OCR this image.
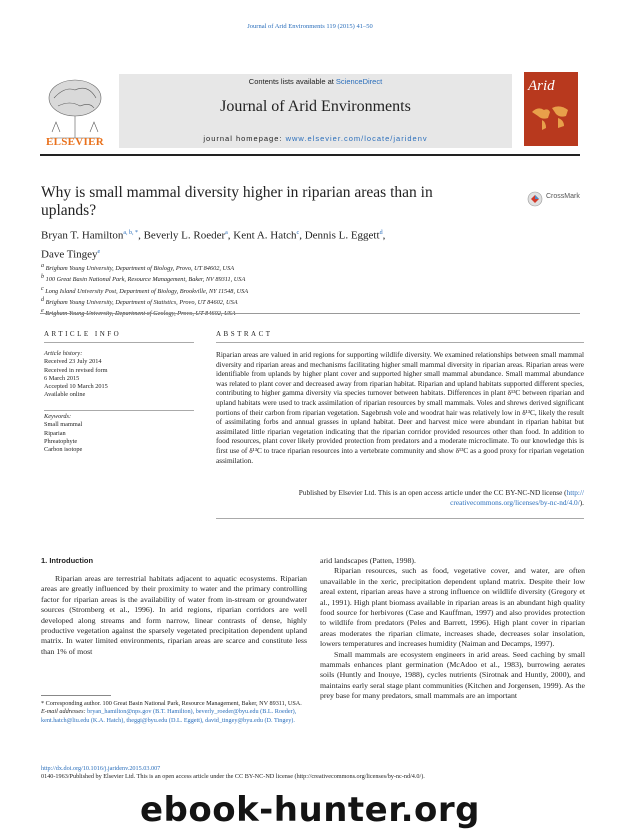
Journal of Arid Environments 119 (2015) 41–50
ELSEVIER
Contents lists available at ScienceDirect
Journal of Arid Environments
journal homepage: www.elsevier.com/locate/jaridenv
Arid
Why is small mammal diversity higher in riparian areas than in uplands?
CrossMark
Bryan T. Hamilton$^{a, b, *}$, Beverly L. Roeder$^a$, Kent A. Hatch$^c$, Dennis L. Eggett$^d$,
Dave Tingey$^e$
$^a$ Brigham Young University, Department of Biology, Provo, UT 84602, USA
$^b$ 100 Great Basin National Park, Resource Management, Baker, NV 89311, USA
$^c$ Long Island University Post, Department of Biology, Brookville, NY 11548, USA
$^d$ Brigham Young University, Department of Statistics, Provo, UT 84602, USA
$^e$ Brigham Young University, Department of Geology, Provo, UT 84602, USA
ARTICLE INFO	ABSTRACT
Article history:
Received 23 July 2014
Received in revised form
6 March 2015
Accepted 10 March 2015
Available online
Keywords:
Small mammal
Riparian
Phreatophyte
Carbon isotope
Riparian areas are valued in arid regions for supporting wildlife diversity. We examined relationships between small mammal diversity and riparian areas and mechanisms facilitating higher small mammal diversity in riparian areas. Riparian areas were identifiable from uplands by higher plant cover and supported higher small mammal abundance. Small mammal abundance was related to plant cover and decreased away from riparian habitat. Riparian and upland habitats supported different species, contributing to higher gamma diversity via species turnover between habitats. Differences in plant δ¹³C between riparian and upland habitats were used to track assimilation of riparian resources by small mammals. Voles and shrews derived significant portions of their carbon from riparian vegetation. Sagebrush vole and woodrat hair was relatively low in δ¹³C, likely the result of assimilating forbs and annual grasses in upland habitat. Deer and harvest mice were abundant in riparian habitat but assimilated little riparian vegetation indicating that the riparian corridor provided resources other than food. In addition to food resources, plant cover likely provided protection from predators and a moderate microclimate. To our knowledge this is first use of δ¹³C to trace riparian resources into a vertebrate community and show δ¹³C as a good proxy for riparian vegetation assimilation.
Published by Elsevier Ltd. This is an open access article under the CC BY-NC-ND license (http://
creativecommons.org/licenses/by-nc-nd/4.0/).
1. Introduction

Riparian areas are terrestrial habitats adjacent to aquatic ecosystems. Riparian areas are greatly influenced by their proximity to water and the primary controlling factor for riparian areas is the availability of water from in-stream or groundwater sources (Stromberg et al., 1996). In arid regions, riparian corridors are well developed along streams and form narrow, linear contrasts of dense, highly productive vegetation against the sparsely vegetated precipitation dependent upland matrix. In water limited environments, riparian areas are scarce and constitute less than 1% of most

arid landscapes (Patten, 1998).

Riparian resources, such as food, vegetative cover, and water, are often unavailable in the xeric, precipitation dependent upland matrix. Despite their low areal extent, riparian areas have a strong influence on wildlife diversity (Gregory et al., 1991). High plant biomass available in riparian areas is an abundant high quality food source for herbivores (Case and Kauffman, 1997) and also provides protection to wildlife from predators (Peles and Barrett, 1996). High plant cover in riparian areas moderates the riparian climate, increases shade, decreases solar insolation, lowers temperatures and increases humidity (Naiman and Decamps, 1997).

Small mammals are ecosystem engineers in arid areas. Seed caching by small mammals enhances plant germination (McAdoo et al., 1983), burrowing aerates soils (Huntly and Inouye, 1988), cycles nutrients (Sirotnak and Huntly, 2000), and maintains early seral stage plant communities (Kitchen and Jorgensen, 1999). As the prey base for many predators, small mammals are an important

* Corresponding author. 100 Great Basin National Park, Resource Management, Baker, NV 89311, USA.
E-mail addresses: bryan_hamilton@nps.gov (B.T. Hamilton), beverly_roeder@byu.edu (B.L. Roeder), kent.hatch@liu.edu (K.A. Hatch), theggi@byu.edu (D.L. Eggett), david_tingey@byu.edu (D. Tingey).
http://dx.doi.org/10.1016/j.jaridenv.2015.03.007
0140-1963/Published by Elsevier Ltd. This is an open access article under the CC BY-NC-ND license (http://creativecommons.org/licenses/by-nc-nd/4.0/).
ebook-hunter.org
